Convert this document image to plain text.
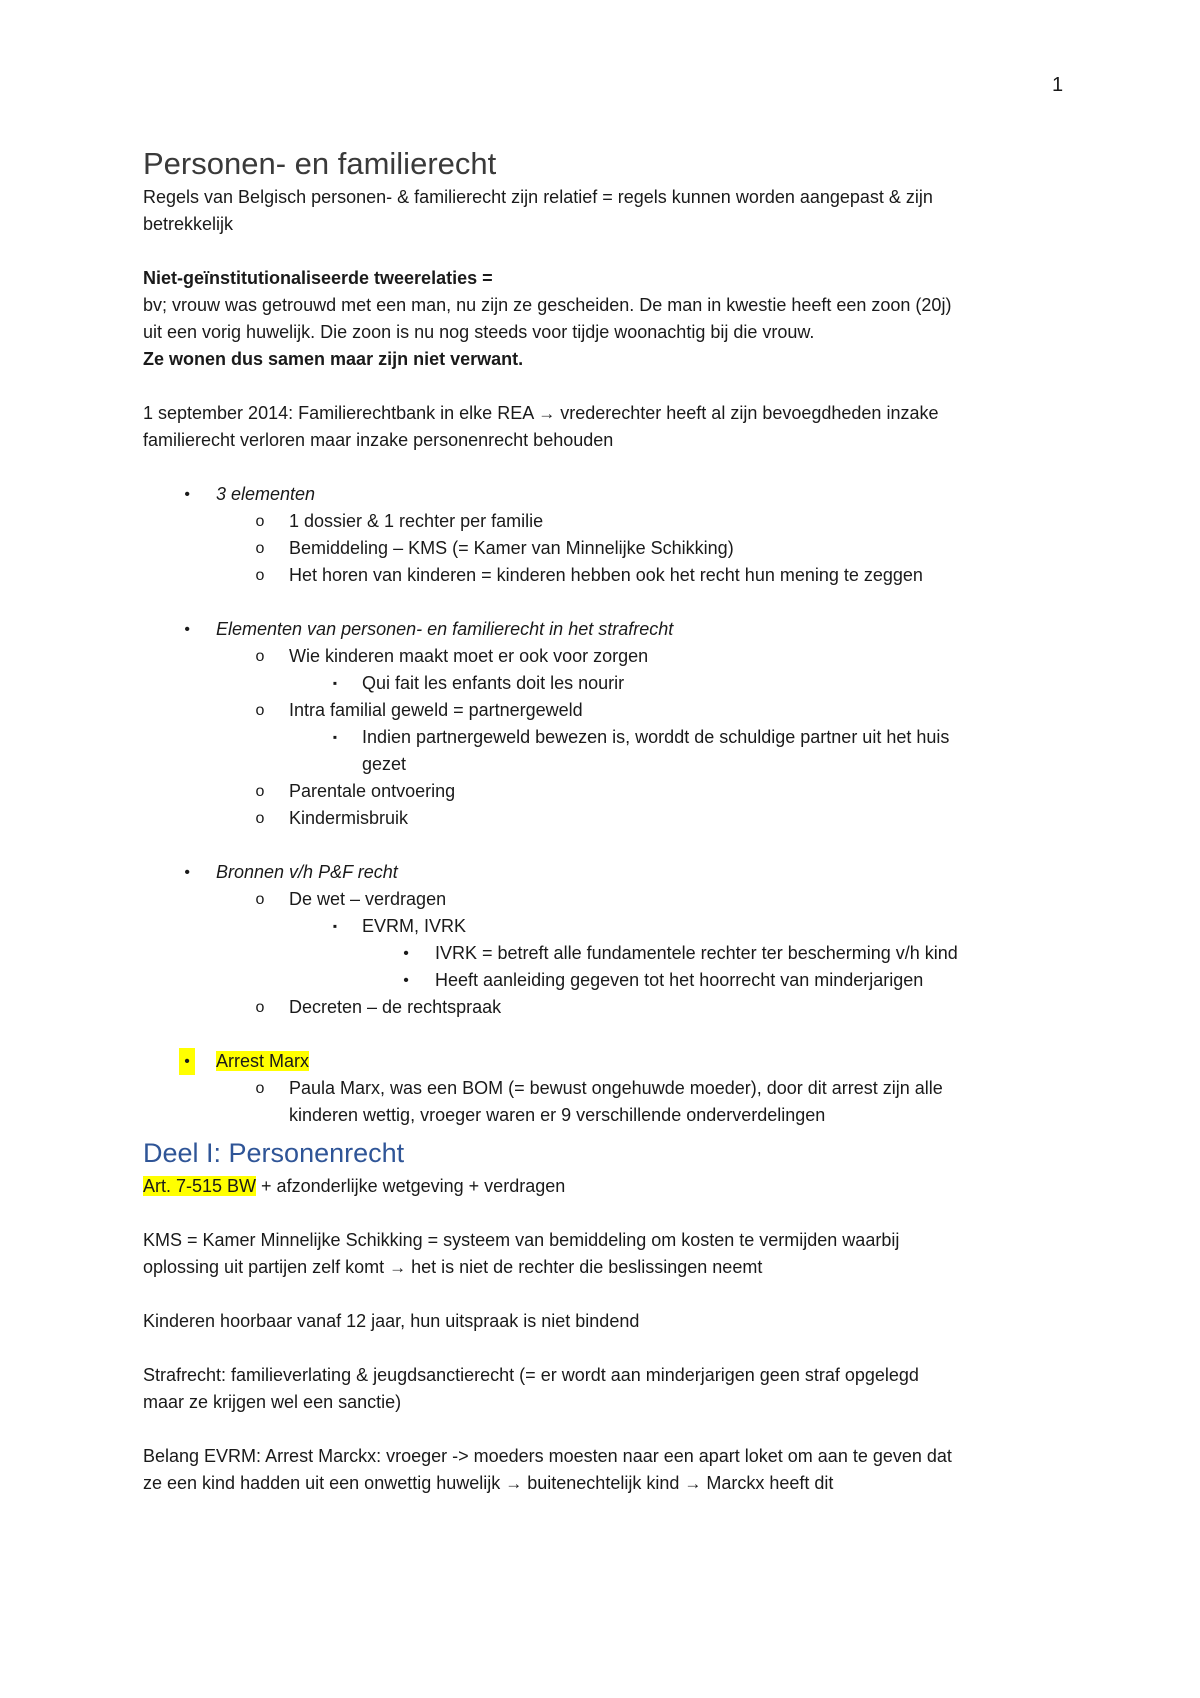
1
Personen- en familierecht
Regels van Belgisch personen- & familierecht zijn relatief = regels kunnen worden aangepast & zijn
betrekkelijk
Niet-geïnstitutionaliseerde tweerelaties =
bv; vrouw was getrouwd met een man, nu zijn ze gescheiden. De man in kwestie heeft een zoon (20j)
uit een vorig huwelijk. Die zoon is nu nog steeds voor tijdje woonachtig bij die vrouw.
Ze wonen dus samen maar zijn niet verwant.
1 september 2014: Familierechtbank in elke REA → vrederechter heeft al zijn bevoegdheden inzake
familierecht verloren maar inzake personenrecht behouden
• 3 elementen
o 1 dossier & 1 rechter per familie
o Bemiddeling – KMS (= Kamer van Minnelijke Schikking)
o Het horen van kinderen = kinderen hebben ook het recht hun mening te zeggen
• Elementen van personen- en familierecht in het strafrecht
o Wie kinderen maakt moet er ook voor zorgen
▪	Qui fait les enfants doit les nourir
o Intra familial geweld = partnergeweld
▪	Indien partnergeweld bewezen is, worddt de schuldige partner uit het huis
gezet
o Parentale ontvoering
o Kindermisbruik
• Bronnen v/h P&F recht
o De wet – verdragen
▪	EVRM, IVRK
• IVRK = betreft alle fundamentele rechter ter bescherming v/h kind
• Heeft aanleiding gegeven tot het hoorrecht van minderjarigen
o Decreten – de rechtspraak
• Arrest Marx
o Paula Marx, was een BOM (= bewust ongehuwde moeder), door dit arrest zijn alle
kinderen wettig, vroeger waren er 9 verschillende onderverdelingen
Deel I: Personenrecht
Art. 7-515 BW + afzonderlijke wetgeving + verdragen
KMS = Kamer Minnelijke Schikking = systeem van bemiddeling om kosten te vermijden waarbij
oplossing uit partijen zelf komt → het is niet de rechter die beslissingen neemt
Kinderen hoorbaar vanaf 12 jaar, hun uitspraak is niet bindend
Strafrecht: familieverlating & jeugdsanctierecht (= er wordt aan minderjarigen geen straf opgelegd
maar ze krijgen wel een sanctie)
Belang EVRM: Arrest Marckx: vroeger -> moeders moesten naar een apart loket om aan te geven dat
ze een kind hadden uit een onwettig huwelijk → buitenechtelijk kind → Marckx heeft dit
